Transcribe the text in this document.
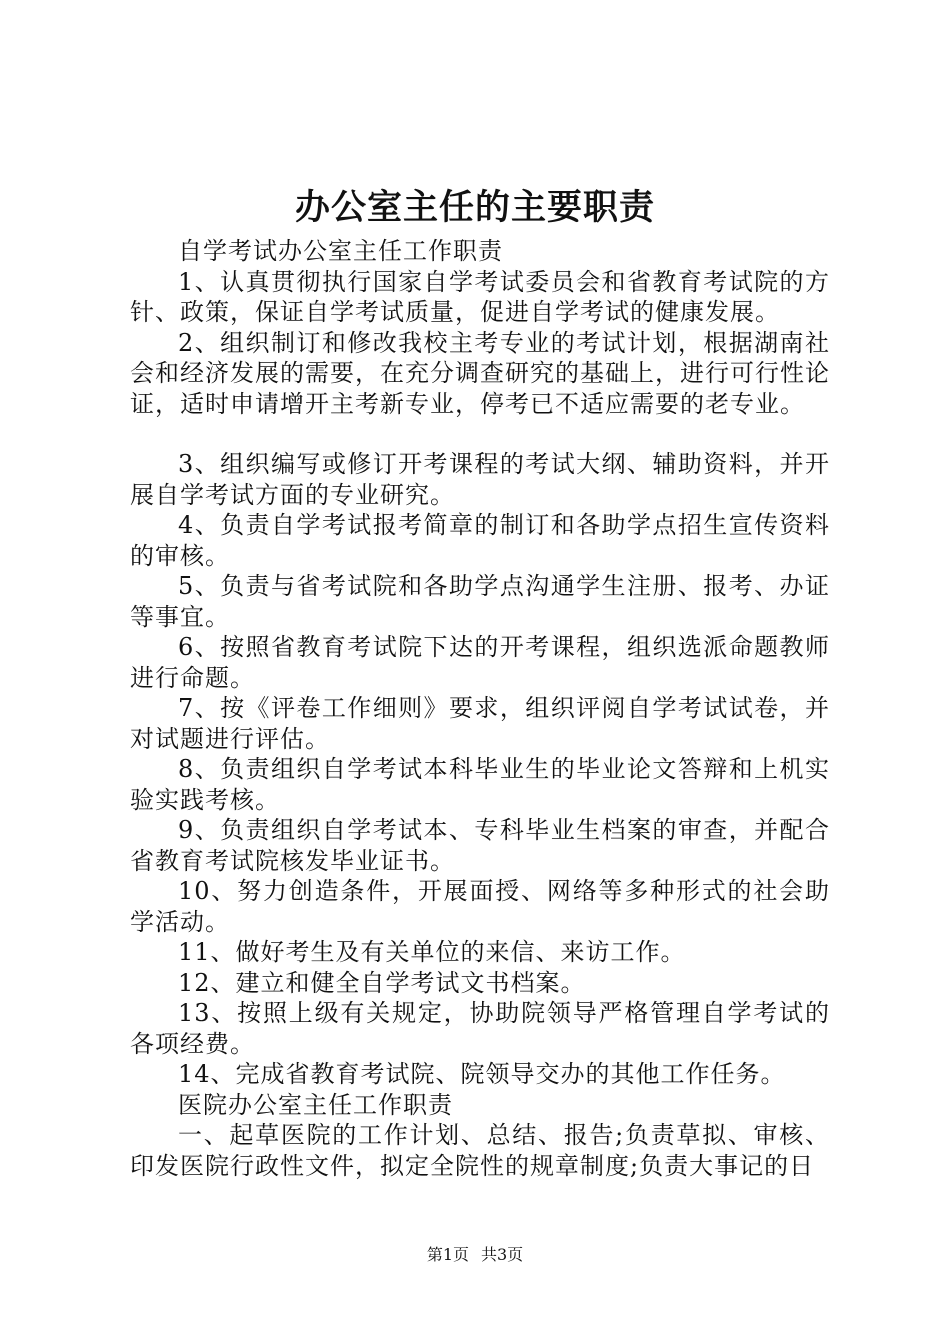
办公室主任的主要职责

自学考试办公室主任工作职责

1、认真贯彻执行国家自学考试委员会和省教育考试院的方针、政策，保证自学考试质量，促进自学考试的健康发展。

2、组织制订和修改我校主考专业的考试计划，根据湖南社会和经济发展的需要，在充分调查研究的基础上，进行可行性论证，适时申请增开主考新专业，停考已不适应需要的老专业。

3、组织编写或修订开考课程的考试大纲、辅助资料，并开展自学考试方面的专业研究。

4、负责自学考试报考简章的制订和各助学点招生宣传资料的审核。

5、负责与省考试院和各助学点沟通学生注册、报考、办证等事宜。

6、按照省教育考试院下达的开考课程，组织选派命题教师进行命题。

7、按《评卷工作细则》要求，组织评阅自学考试试卷，并对试题进行评估。

8、负责组织自学考试本科毕业生的毕业论文答辩和上机实验实践考核。

9、负责组织自学考试本、专科毕业生档案的审查，并配合省教育考试院核发毕业证书。

10、努力创造条件，开展面授、网络等多种形式的社会助学活动。

11、做好考生及有关单位的来信、来访工作。

12、建立和健全自学考试文书档案。

13、按照上级有关规定，协助院领导严格管理自学考试的各项经费。

14、完成省教育考试院、院领导交办的其他工作任务。

医院办公室主任工作职责

一、起草医院的工作计划、总结、报告;负责草拟、审核、印发医院行政性文件，拟定全院性的规章制度;负责大事记的日

第1页 共3页
